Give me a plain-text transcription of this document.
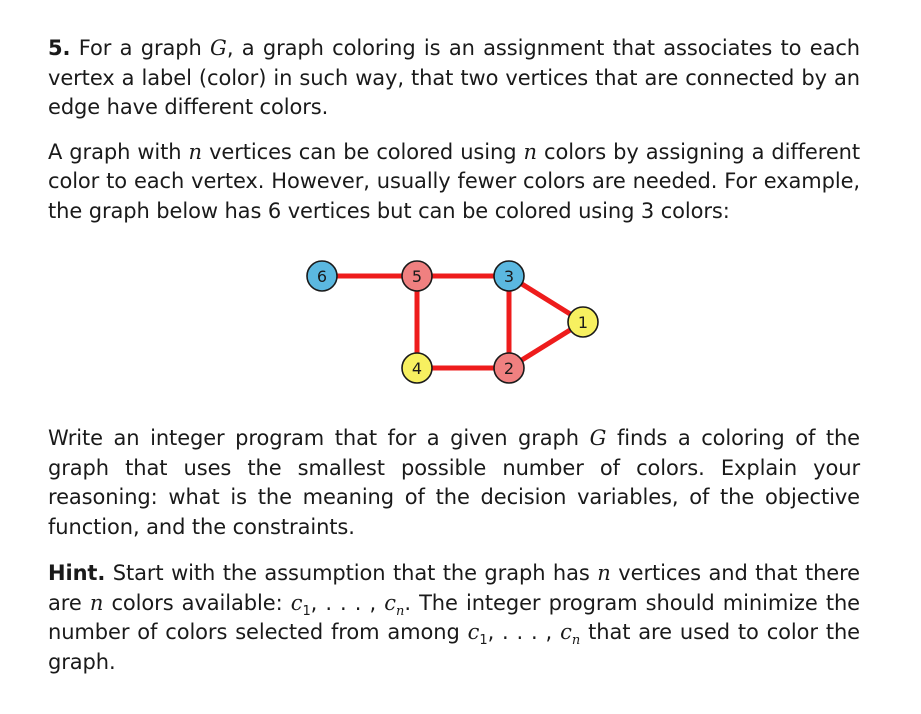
5. For a graph G, a graph coloring is an assignment that associates to each vertex a label (color) in such way, that two vertices that are connected by an edge have different colors.

A graph with n vertices can be colored using n colors by assigning a different color to each vertex. However, usually fewer colors are needed. For example, the graph below has 6 vertices but can be colored using 3 colors:

6	5	3
1
4	2

Write an integer program that for a given graph G finds a coloring of the graph that uses the smallest possible number of colors. Explain your reasoning: what is the meaning of the decision variables, of the objective function, and the constraints.

Hint. Start with the assumption that the graph has n vertices and that there are n colors available: $c_1$, . . . , $c_n$. The integer program should minimize the number of colors selected from among $c_1$, . . . , $c_n$ that are used to color the graph.
